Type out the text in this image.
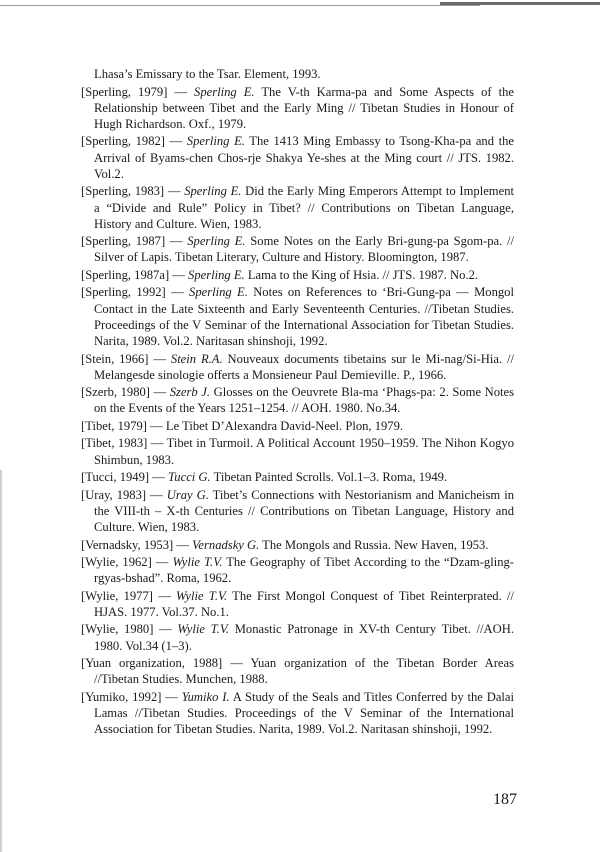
Lhasa’s Emissary to the Tsar. Element, 1993.

[Sperling, 1979] — Sperling E. The V-th Karma-pa and Some Aspects of the Relationship between Tibet and the Early Ming // Tibetan Studies in Honour of Hugh Richardson. Oxf., 1979.

[Sperling, 1982] — Sperling E. The 1413 Ming Embassy to Tsong-Kha-pa and the Arrival of Byams-chen Chos-rje Shakya Ye-shes at the Ming court // JTS. 1982. Vol.2.

[Sperling, 1983] — Sperling E. Did the Early Ming Emperors Attempt to Implement a “Divide and Rule” Policy in Tibet? // Contributions on Tibetan Language, History and Culture. Wien, 1983.

[Sperling, 1987] — Sperling E. Some Notes on the Early Bri-gung-pa Sgom-pa. // Silver of Lapis. Tibetan Literary, Culture and History. Bloomington, 1987.

[Sperling, 1987a] — Sperling E. Lama to the King of Hsia. // JTS. 1987. No.2.

[Sperling, 1992] — Sperling E. Notes on References to ‘Bri-Gung-pa — Mongol Contact in the Late Sixteenth and Early Seventeenth Centuries. //Tibetan Studies. Proceedings of the V Seminar of the International Association for Tibetan Studies. Narita, 1989. Vol.2. Naritasan shinshoji, 1992.

[Stein, 1966] — Stein R.A. Nouveaux documents tibetains sur le Mi-nag/Si-Hia. // Melangesde sinologie offerts a Monsieneur Paul Demieville. P., 1966.

[Szerb, 1980] — Szerb J. Glosses on the Oeuvrete Bla-ma ‘Phags-pa: 2. Some Notes on the Events of the Years 1251–1254. // AOH. 1980. No.34.

[Tibet, 1979] — Le Tibet D’Alexandra David-Neel. Plon, 1979.

[Tibet, 1983] — Tibet in Turmoil. A Political Account 1950–1959. The Nihon Kogyo Shimbun, 1983.

[Tucci, 1949] — Tucci G. Tibetan Painted Scrolls. Vol.1–3. Roma, 1949.

[Uray, 1983] — Uray G. Tibet’s Connections with Nestorianism and Manicheism in the VIII-th – X-th Centuries // Contributions on Tibetan Language, History and Culture. Wien, 1983.

[Vernadsky, 1953] — Vernadsky G. The Mongols and Russia. New Haven, 1953.

[Wylie, 1962] — Wylie T.V. The Geography of Tibet According to the “Dzam-gling-rgyas-bshad”. Roma, 1962.

[Wylie, 1977] — Wylie T.V. The First Mongol Conquest of Tibet Reinterprated. // HJAS. 1977. Vol.37. No.1.

[Wylie, 1980] — Wylie T.V. Monastic Patronage in XV-th Century Tibet. //AOH. 1980. Vol.34 (1–3).

[Yuan organization, 1988] — Yuan organization of the Tibetan Border Areas //Tibetan Studies. Munchen, 1988.

[Yumiko, 1992] — Yumiko I. A Study of the Seals and Titles Conferred by the Dalai Lamas //Tibetan Studies. Proceedings of the V Seminar of the International Association for Tibetan Studies. Narita, 1989. Vol.2. Naritasan shinshoji, 1992.

187
